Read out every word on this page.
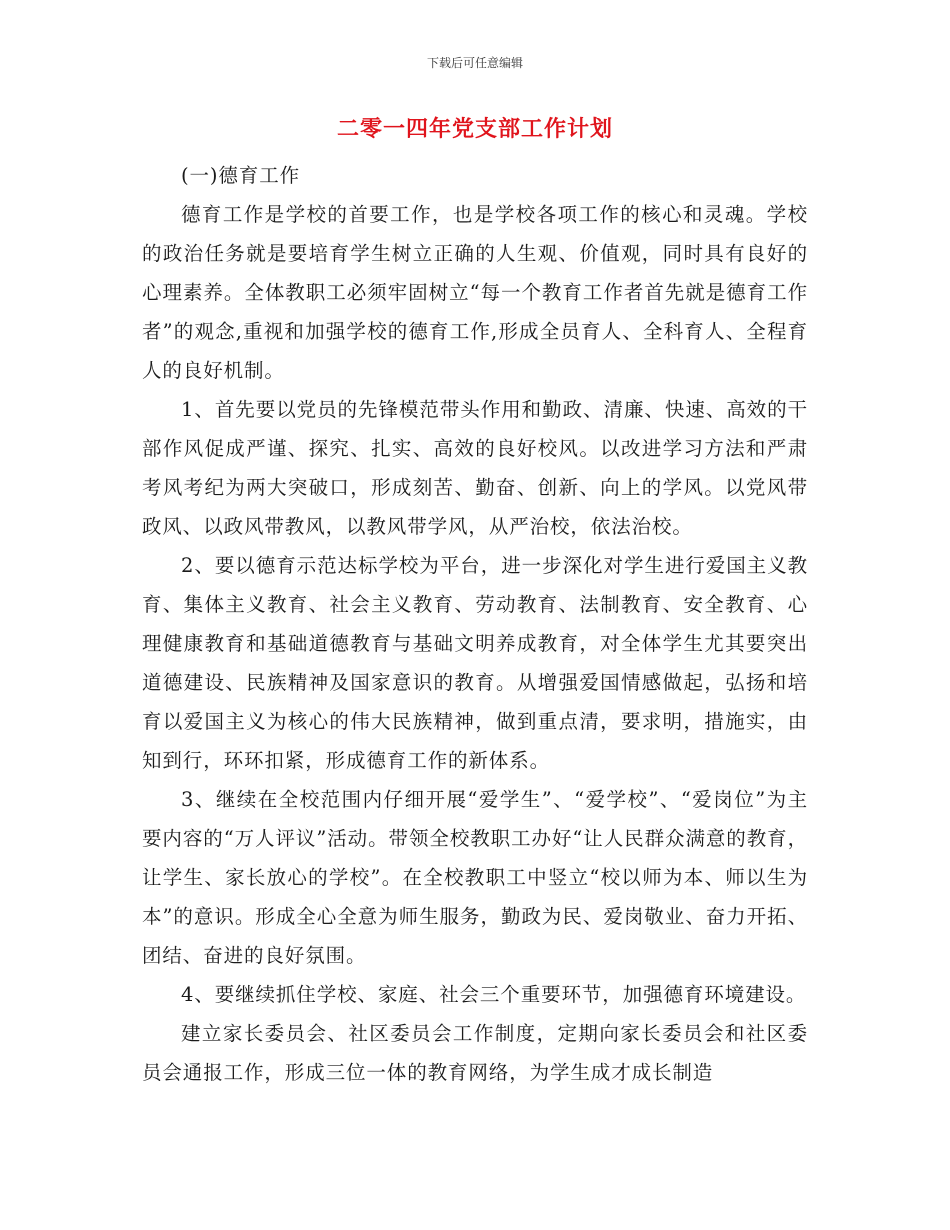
下载后可任意编辑
二零一四年党支部工作计划

(一)德育工作

德育工作是学校的首要工作，也是学校各项工作的核心和灵魂。学校的政治任务就是要培育学生树立正确的人生观、价值观，同时具有良好的心理素养。全体教职工必须牢固树立“每一个教育工作者首先就是德育工作者”的观念,重视和加强学校的德育工作,形成全员育人、全科育人、全程育人的良好机制。

1、首先要以党员的先锋模范带头作用和勤政、清廉、快速、高效的干部作风促成严谨、探究、扎实、高效的良好校风。以改进学习方法和严肃考风考纪为两大突破口，形成刻苦、勤奋、创新、向上的学风。以党风带政风、以政风带教风，以教风带学风，从严治校，依法治校。

2、要以德育示范达标学校为平台，进一步深化对学生进行爱国主义教育、集体主义教育、社会主义教育、劳动教育、法制教育、安全教育、心理健康教育和基础道德教育与基础文明养成教育，对全体学生尤其要突出道德建设、民族精神及国家意识的教育。从增强爱国情感做起，弘扬和培育以爱国主义为核心的伟大民族精神，做到重点清，要求明，措施实，由知到行，环环扣紧，形成德育工作的新体系。

3、继续在全校范围内仔细开展“爱学生”、“爱学校”、“爱岗位”为主要内容的“万人评议”活动。带领全校教职工办好“让人民群众满意的教育，让学生、家长放心的学校”。在全校教职工中竖立“校以师为本、师以生为本”的意识。形成全心全意为师生服务，勤政为民、爱岗敬业、奋力开拓、团结、奋进的良好氛围。

4、要继续抓住学校、家庭、社会三个重要环节，加强德育环境建设。

建立家长委员会、社区委员会工作制度，定期向家长委员会和社区委员会通报工作，形成三位一体的教育网络，为学生成才成长制造
